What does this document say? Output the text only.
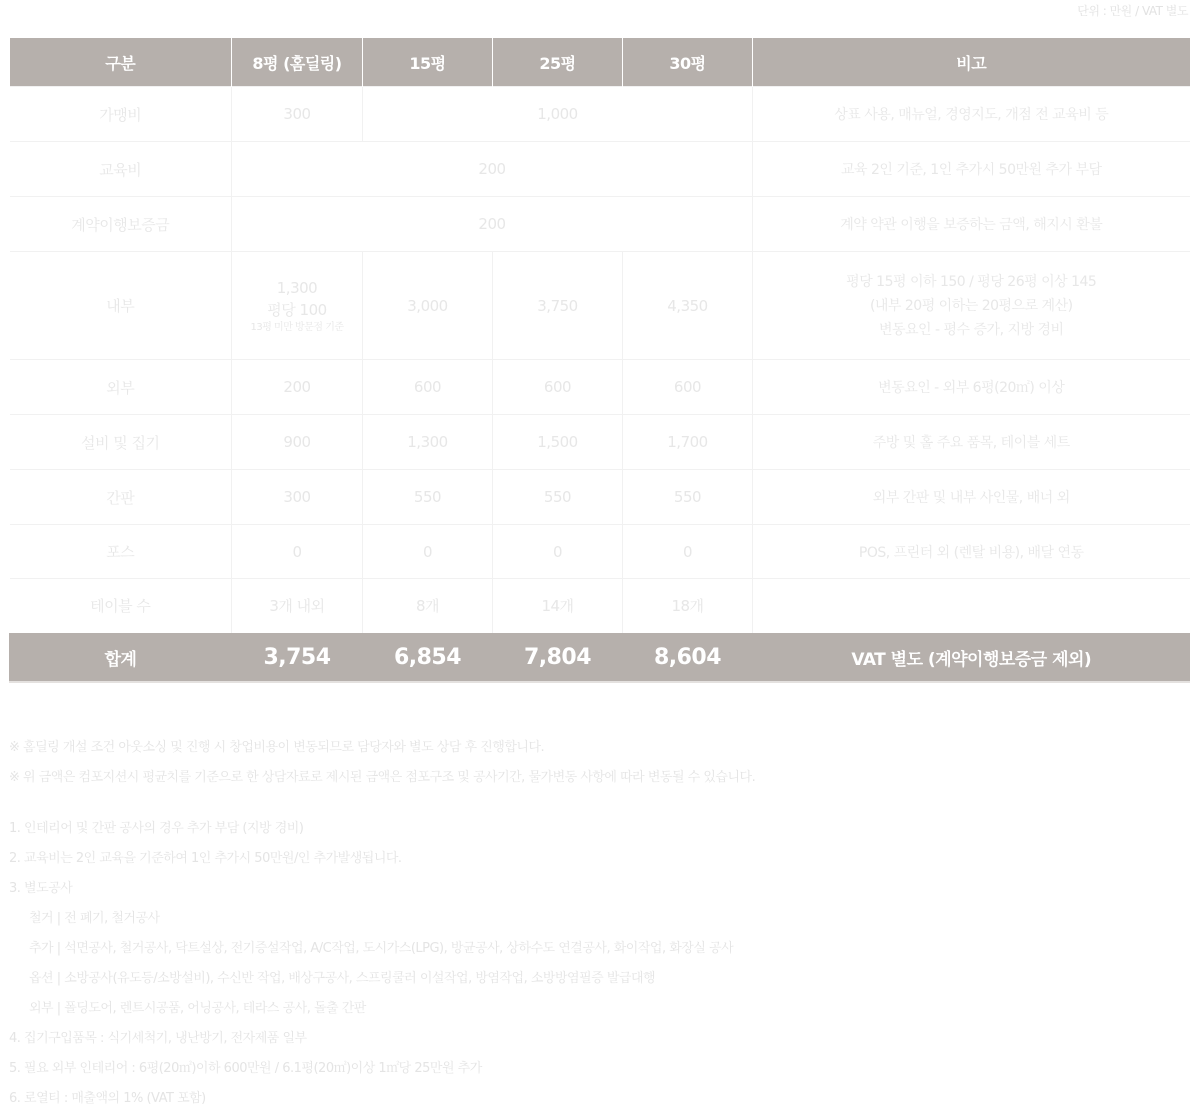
단위 : 만원 / VAT 별도
구분	8평 (홈딜링)	15평	25평	30평	비고
가맹비	300	1,000			상표 사용, 매뉴얼, 경영지도, 개점 전 교육비 등
교육비	200				교육 2인 기준, 1인 추가시 50만원 추가 부담
계약이행보증금	200				계약 약관 이행을 보증하는 금액, 해지시 환불
내부	1,300
평당 100
13평 미만 방문점 기준	3,000	3,750	4,350	평당 15평 이하 150 / 평당 26평 이상 145
(내부 20평 이하는 20평으로 계산)
변동요인 - 평수 증가, 지방 경비

외부	200	600	600	600	변동요인 - 외부 6평(20㎡) 이상
설비 및 집기	900	1,300	1,500	1,700	주방 및 홀 주요 품목, 테이블 세트
간판	300	550	550	550	외부 간판 및 내부 사인물, 배너 외
포스	0	0	0	0	POS, 프린터 외 (렌탈 비용), 배달 연동
테이블 수	3개 내외	8개	14개	18개	
합계	3,754	6,854	7,804	8,604	VAT 별도 (계약이행보증금 제외)
※ 홈딜링 개설 조건 아웃소싱 및 진행 시 창업비용이 변동되므로 담당자와 별도 상담 후 진행합니다.
※ 위 금액은 컴포지션시 평균치를 기준으로 한 상담자료로 제시된 금액은 점포구조 및 공사기간, 물가변동 사항에 따라 변동될 수 있습니다.
1. 인테리어 및 간판 공사의 경우 추가 부담 (지방 경비)
2. 교육비는 2인 교육을 기준하여 1인 추가시 50만원/인 추가발생됩니다.
3. 별도공사
철거 | 전 폐기, 철거공사
추가 | 석면공사, 철거공사, 닥트설상, 전기증설작업, A/C작업, 도시가스(LPG), 방균공사, 상하수도 연결공사, 화이작업, 화장실 공사
옵션 | 소방공사(유도등/소방설비), 수신반 작업, 배상구공사, 스프링쿨러 이설작업, 방염작업, 소방방염필증 발급대행
외부 | 폴딩도어, 렌트시공품, 어닝공사, 테라스 공사, 돌출 간판
4. 집기구입품목 : 식기세척기, 냉난방기, 전자제품 일부
5. 필요 외부 인테리어 : 6평(20㎡)이하 600만원 / 6.1평(20㎡)이상 1㎡당 25만원 추가
6. 로열티 : 매출액의 1% (VAT 포함)
